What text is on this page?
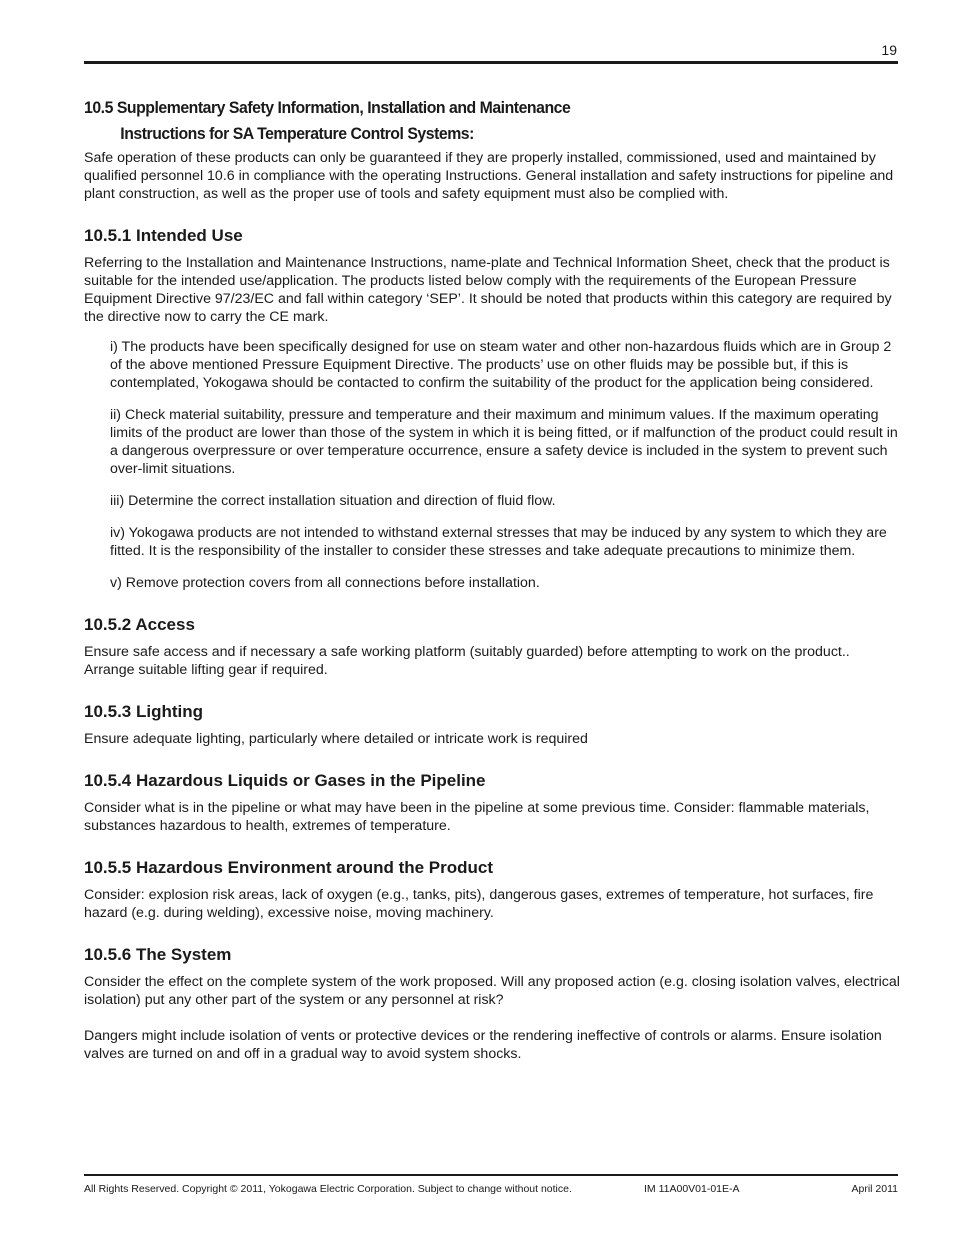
19
10.5 Supplementary Safety Information, Installation and Maintenance
Instructions for SA Temperature Control Systems:

Safe operation of these products can only be guaranteed if they are properly installed, commissioned, used and maintained by qualified personnel 10.6 in compliance with the operating Instructions. General installation and safety instructions for pipeline and plant construction, as well as the proper use of tools and safety equipment must also be complied with.

10.5.1 Intended Use

Referring to the Installation and Maintenance Instructions, name-plate and Technical Information Sheet, check that the product is suitable for the intended use/application. The products listed below comply with the requirements of the European Pressure Equipment Directive 97/23/EC and fall within category ‘SEP’. It should be noted that products within this category are required by the directive now to carry the CE mark.

i) The products have been specifically designed for use on steam water and other non-hazardous fluids which are in Group 2 of the above mentioned Pressure Equipment Directive. The products’ use on other fluids may be possible but, if this is contemplated, Yokogawa should be contacted to confirm the suitability of the product for the application being considered.
ii) Check material suitability, pressure and temperature and their maximum and minimum values. If the maximum operating limits of the product are lower than those of the system in which it is being fitted, or if malfunction of the product could result in a dangerous overpressure or over temperature occurrence, ensure a safety device is included in the system to prevent such over-limit situations.
iii) Determine the correct installation situation and direction of fluid flow.
iv) Yokogawa products are not intended to withstand external stresses that may be induced by any system to which they are fitted. It is the responsibility of the installer to consider these stresses and take adequate precautions to minimize them.
v) Remove protection covers from all connections before installation.
10.5.2 Access

Ensure safe access and if necessary a safe working platform (suitably guarded) before attempting to work on the product.. Arrange suitable lifting gear if required.

10.5.3 Lighting

Ensure adequate lighting, particularly where detailed or intricate work is required

10.5.4 Hazardous Liquids or Gases in the Pipeline

Consider what is in the pipeline or what may have been in the pipeline at some previous time. Consider: flammable materials, substances hazardous to health, extremes of temperature.

10.5.5 Hazardous Environment around the Product

Consider: explosion risk areas, lack of oxygen (e.g., tanks, pits), dangerous gases, extremes of temperature, hot surfaces, fire hazard (e.g. during welding), excessive noise, moving machinery.

10.5.6 The System

Consider the effect on the complete system of the work proposed. Will any proposed action (e.g. closing isolation valves, electrical isolation) put any other part of the system or any personnel at risk?

Dangers might include isolation of vents or protective devices or the rendering ineffective of controls or alarms. Ensure isolation valves are turned on and off in a gradual way to avoid system shocks.

All Rights Reserved. Copyright © 2011, Yokogawa Electric Corporation. Subject to change without notice.	IM 11A00V01-01E-A	April 2011
